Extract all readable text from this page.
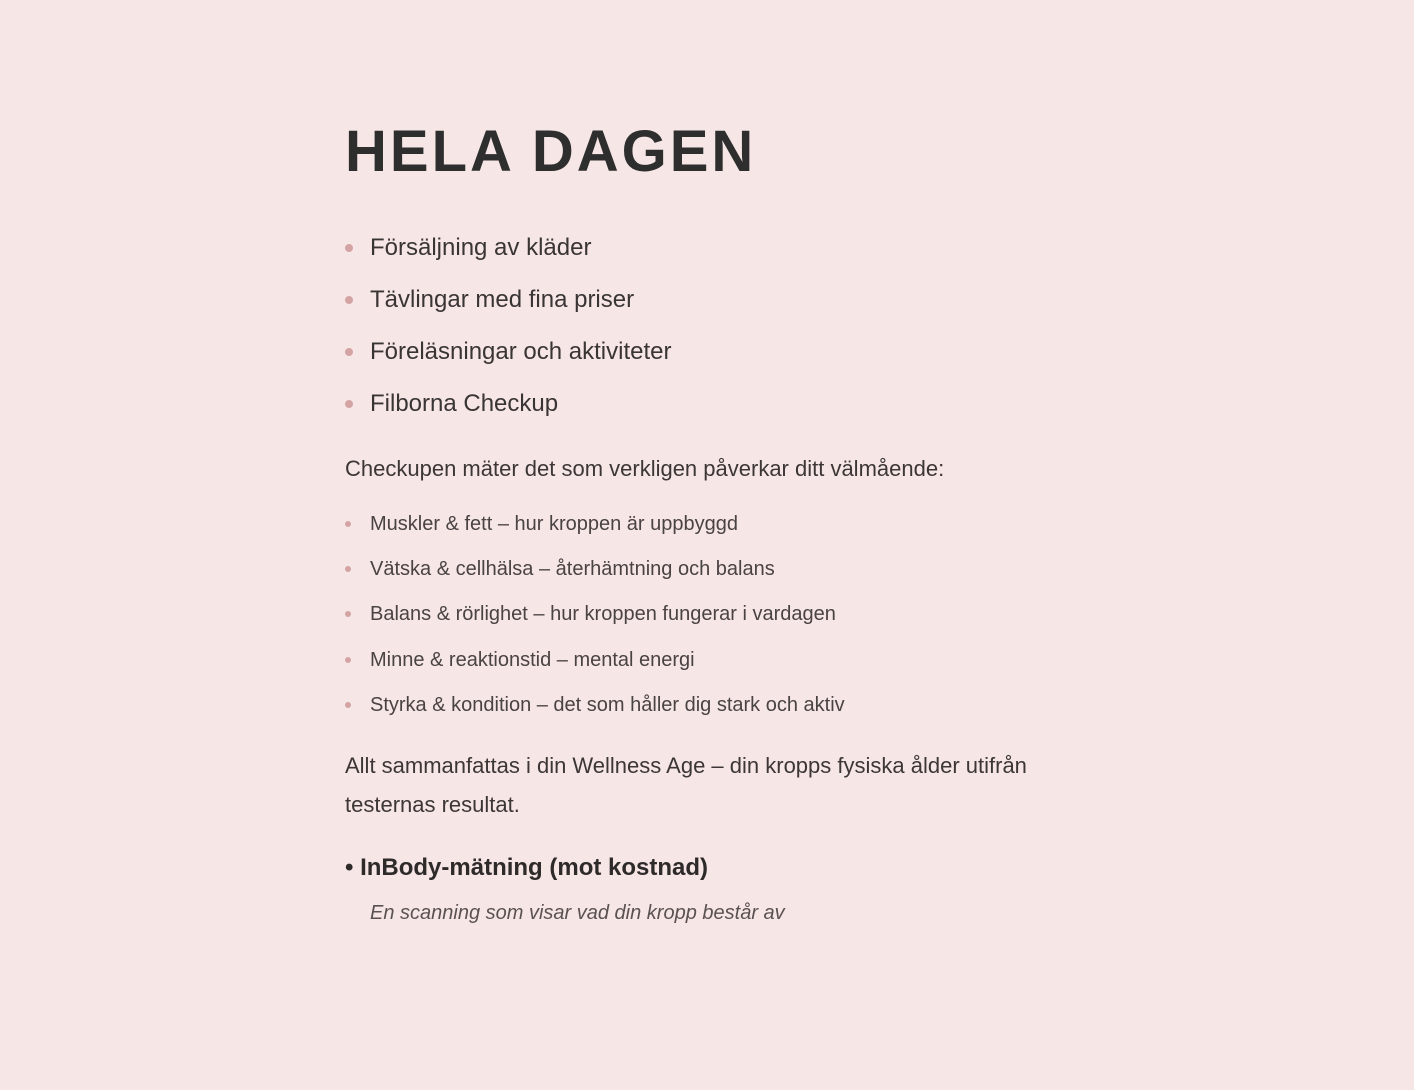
HELA DAGEN
Försäljning av kläder
Tävlingar med fina priser
Föreläsningar och aktiviteter
Filborna Checkup

Checkupen mäter det som verkligen påverkar ditt välmående:

Muskler & fett – hur kroppen är uppbyggd
Vätska & cellhälsa – återhämtning och balans
Balans & rörlighet – hur kroppen fungerar i vardagen
Minne & reaktionstid – mental energi
Styrka & kondition – det som håller dig stark och aktiv

Allt sammanfattas i din Wellness Age – din kropps fysiska ålder utifrån testernas resultat.

• InBody-mätning (mot kostnad)

En scanning som visar vad din kropp består av
